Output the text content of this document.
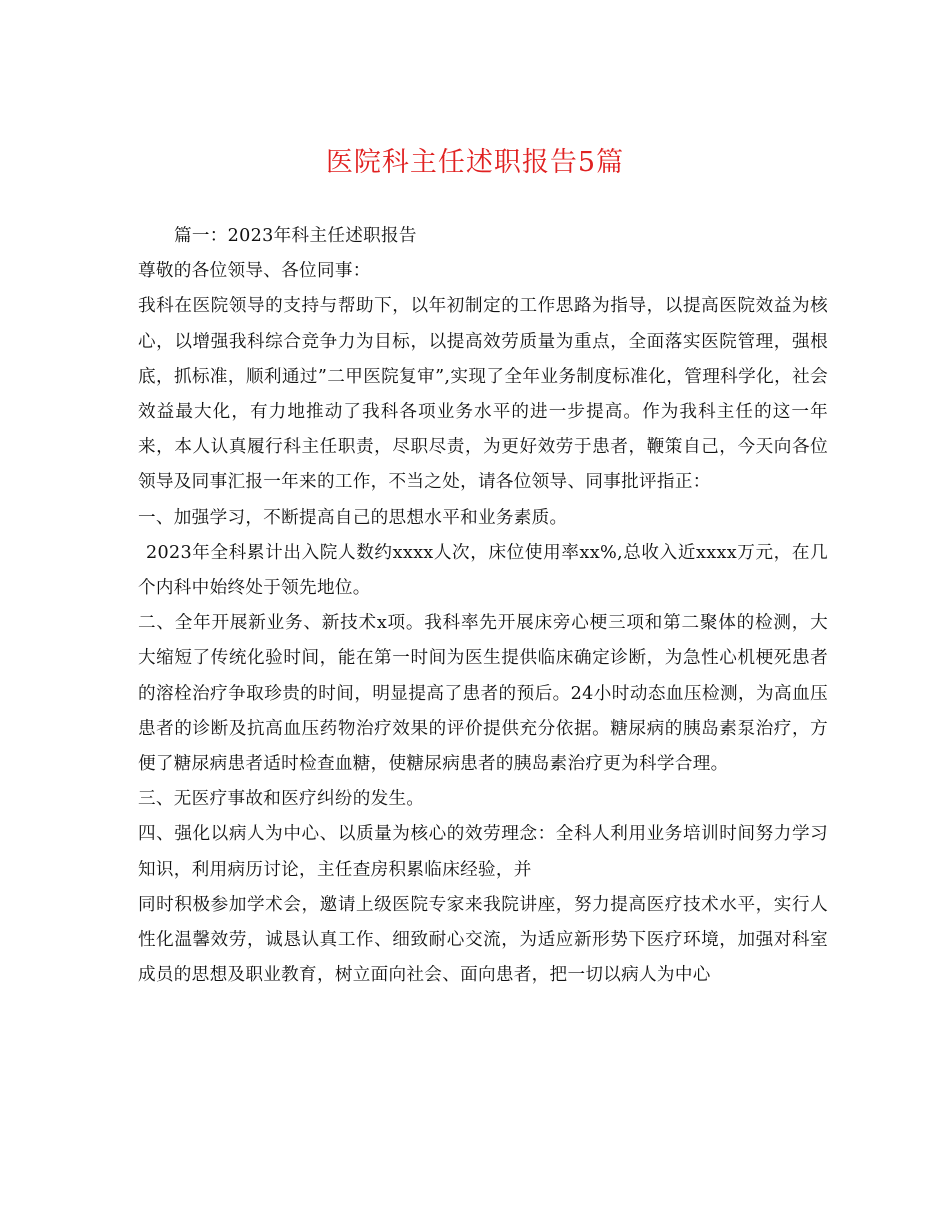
医院科主任述职报告5篇

篇一：2023年科主任述职报告

尊敬的各位领导、各位同事：

我科在医院领导的支持与帮助下，以年初制定的工作思路为指导，以提高医院效益为核心，以增强我科综合竞争力为目标，以提高效劳质量为重点，全面落实医院管理，强根底，抓标准，顺利通过”二甲医院复审”,实现了全年业务制度标准化，管理科学化，社会效益最大化，有力地推动了我科各项业务水平的进一步提高。作为我科主任的这一年来，本人认真履行科主任职责，尽职尽责，为更好效劳于患者，鞭策自己，今天向各位领导及同事汇报一年来的工作，不当之处，请各位领导、同事批评指正：

一、加强学习，不断提高自己的思想水平和业务素质。

2023年全科累计出入院人数约xxxx人次，床位使用率xx%,总收入近xxxx万元，在几个内科中始终处于领先地位。

二、全年开展新业务、新技术x项。我科率先开展床旁心梗三项和第二聚体的检测，大大缩短了传统化验时间，能在第一时间为医生提供临床确定诊断，为急性心机梗死患者的溶栓治疗争取珍贵的时间，明显提高了患者的预后。24小时动态血压检测，为高血压患者的诊断及抗高血压药物治疗效果的评价提供充分依据。糖尿病的胰岛素泵治疗，方便了糖尿病患者适时检查血糖，使糖尿病患者的胰岛素治疗更为科学合理。

三、无医疗事故和医疗纠纷的发生。

四、强化以病人为中心、以质量为核心的效劳理念：全科人利用业务培训时间努力学习知识，利用病历讨论，主任查房积累临床经验，并

同时积极参加学术会，邀请上级医院专家来我院讲座，努力提高医疗技术水平，实行人性化温馨效劳，诚恳认真工作、细致耐心交流，为适应新形势下医疗环境，加强对科室成员的思想及职业教育，树立面向社会、面向患者，把一切以病人为中心
